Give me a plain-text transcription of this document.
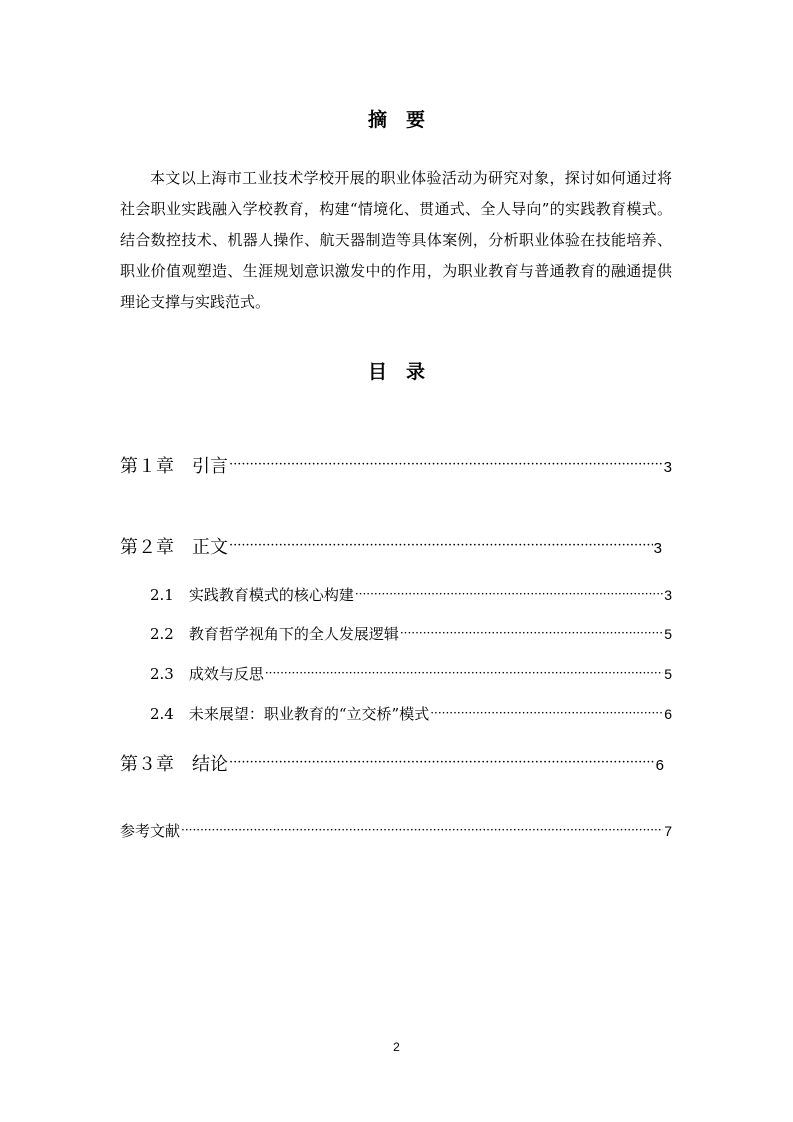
摘　要

本文以上海市工业技术学校开展的职业体验活动为研究对象，探讨如何通过将社会职业实践融入学校教育，构建“情境化、贯通式、全人导向”的实践教育模式。结合数控技术、机器人操作、航天器制造等具体案例，分析职业体验在技能培养、职业价值观塑造、生涯规划意识激发中的作用，为职业教育与普通教育的融通提供理论支撑与实践范式。

目　录
第１章　引言 ·····	3
第２章　正文 ·····	3
2.1　实践教育模式的核心构建 ·····	3
2.2　教育哲学视角下的全人发展逻辑 ·····	5
2.3　成效与反思 ·····	5
2.4　未来展望：职业教育的“立交桥”模式 ·····	6
第３章　结论 ·····	6
参考文献 ·····	7
2
